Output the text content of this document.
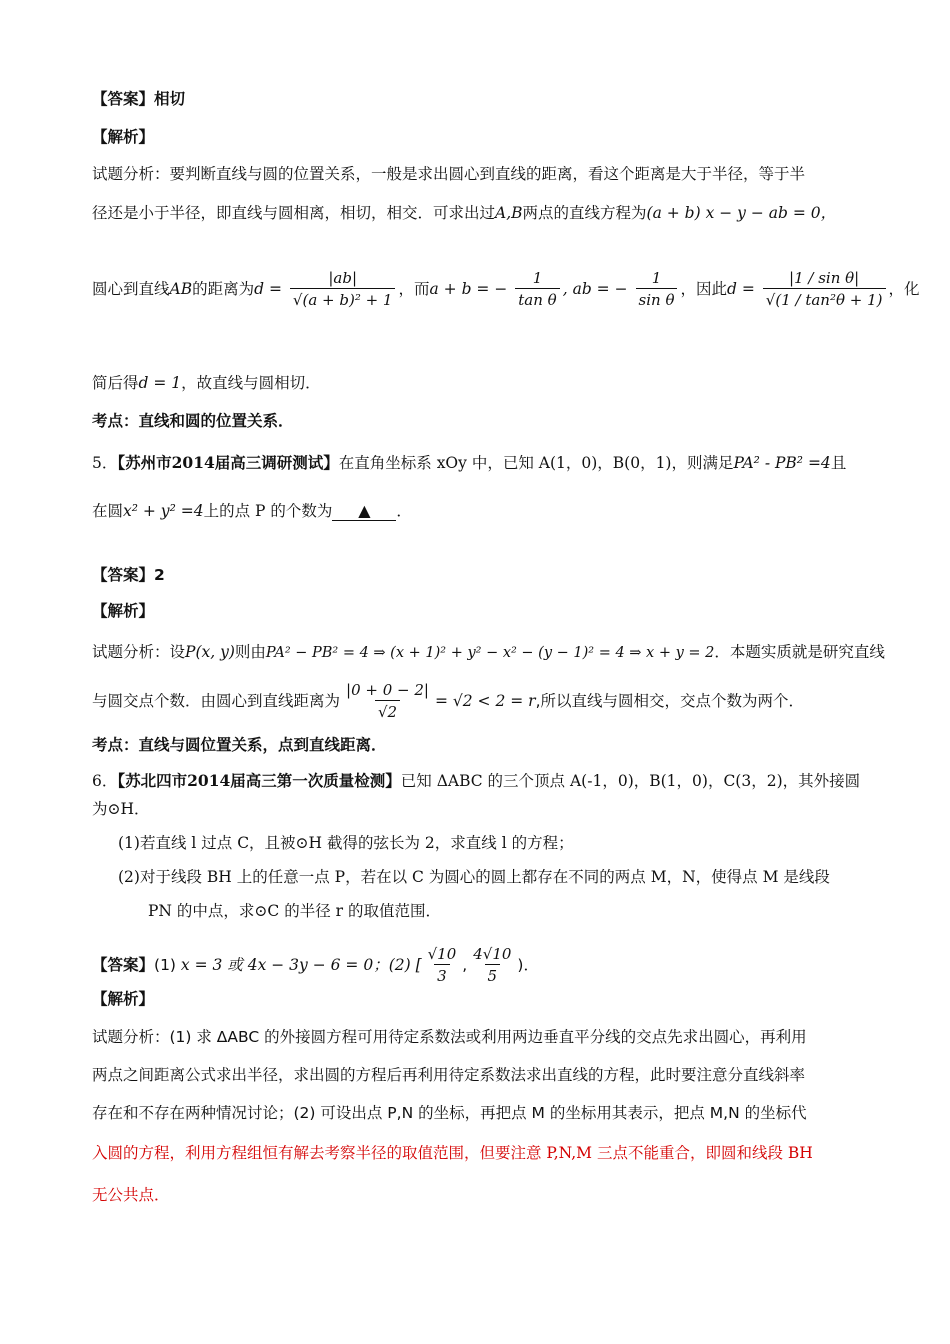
【答案】相切
【解析】
试题分析：要判断直线与圆的位置关系，一般是求出圆心到直线的距离，看这个距离是大于半径，等于半
径还是小于半径，即直线与圆相离，相切，相交．可求出过A,B两点的直线方程为(a + b) x − y − ab = 0，
圆心到直线AB的距离为$d = \frac{|ab|}{\text{√(a + b)² + 1}}$ ，而a + b = − $\frac{1}{\text{tan θ}}$ , ab = − $\frac{1}{\text{sin θ}}$ ，因此$d = \frac{\text{|1 / sin θ|}}{\text{√(1 / tan²θ + 1)}}$ ，化
简后得d = 1，故直线与圆相切．
考点：直线和圆的位置关系．
5．【苏州市2014届高三调研测试】在直角坐标系 xOy 中，已知 A(1，0)，B(0，1)，则满足PA² - PB² =4且
在圆x² + y² =4上的点 P 的个数为 ▲ ．
【答案】2
【解析】
试题分析：设P(x, y)则由PA² − PB² = 4 ⇒ (x + 1)² + y² − x² − (y − 1)² = 4 ⇒ x + y = 2．本题实质就是研究直线
与圆交点个数．由圆心到直线距离为 $\frac{|0 + 0 - 2|}{√2} = √2 < 2 = r$,所以直线与圆相交，交点个数为两个．
考点：直线与圆位置关系，点到直线距离．
6．【苏北四市2014届高三第一次质量检测】已知 ΔABC 的三个顶点 A(-1，0)，B(1，0)，C(3，2)，其外接圆
为⊙H．
(1)若直线 l 过点 C，且被⊙H 截得的弦长为 2，求直线 l 的方程；
(2)对于线段 BH 上的任意一点 P，若在以 C 为圆心的圆上都存在不同的两点 M，N，使得点 M 是线段
PN 的中点，求⊙C 的半径 r 的取值范围．
【答案】(1) x = 3 或 4x − 3y − 6 = 0；(2) [ $\frac{√10}{3}$ , $\frac{4√10}{5}$ )．
【解析】
试题分析：(1) 求 ΔABC 的外接圆方程可用待定系数法或利用两边垂直平分线的交点先求出圆心，再利用
两点之间距离公式求出半径，求出圆的方程后再利用待定系数法求出直线的方程，此时要注意分直线斜率
存在和不存在两种情况讨论；(2) 可设出点 P,N 的坐标，再把点 M 的坐标用其表示，把点 M,N 的坐标代
入圆的方程，利用方程组恒有解去考察半径的取值范围，但要注意 P,N,M 三点不能重合，即圆和线段 BH
无公共点．
